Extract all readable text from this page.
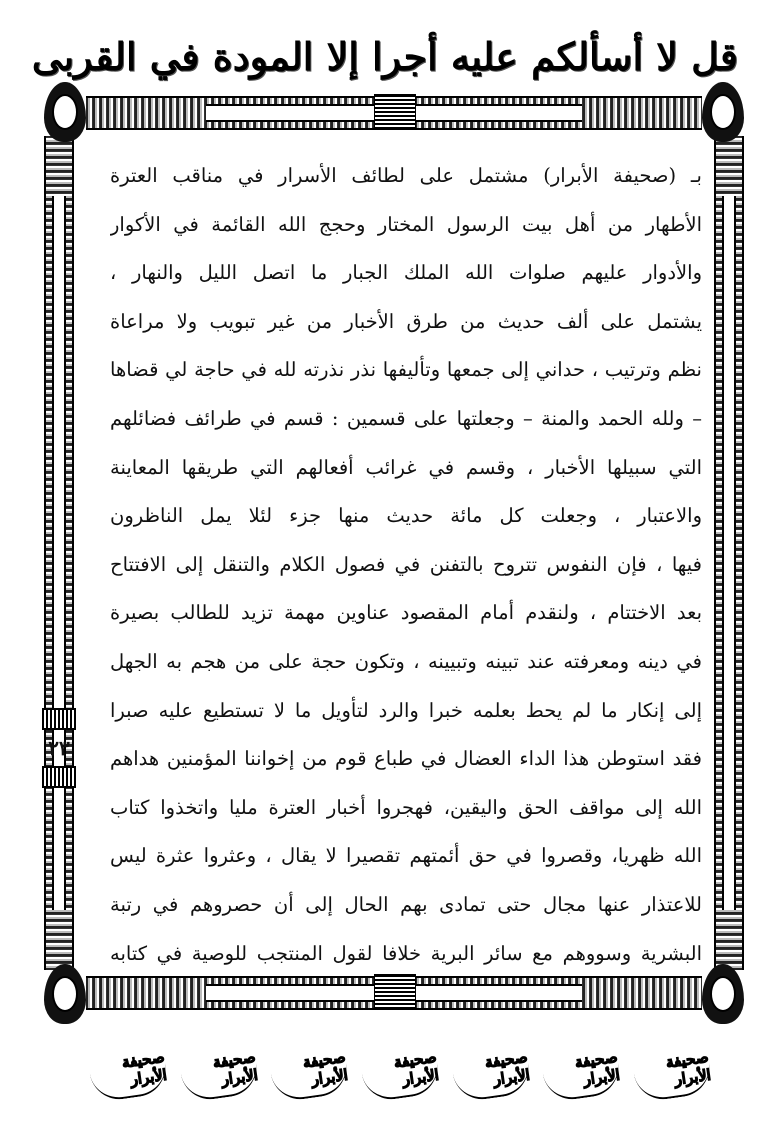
قل لا أسألكم عليه أجرا إلا المودة في القربى
٢٣
بـ (صحيفة الأبرار) مشتمل على لطائف الأسرار في مناقب العترة
الأطهار من أهل بيت الرسول المختار وحجج الله القائمة في الأكوار
والأدوار عليهم صلوات الله الملك الجبار ما اتصل الليل والنهار ،
يشتمل على ألف حديث من طرق الأخبار من غير تبويب ولا مراعاة
نظم وترتيب ، حداني إلى جمعها وتأليفها نذر نذرته لله في حاجة لي قضاها
– ولله الحمد والمنة – وجعلتها على قسمين : قسم في طرائف فضائلهم
التي سبيلها الأخبار ، وقسم في غرائب أفعالهم التي طريقها المعاينة
والاعتبار ، وجعلت كل مائة حديث منها جزء لئلا يمل الناظرون
فيها ، فإن النفوس تتروح بالتفنن في فصول الكلام والتنقل إلى الافتتاح
بعد الاختتام ، ولنقدم أمام المقصود عناوين مهمة تزيد للطالب بصيرة
في دينه ومعرفته عند تبينه وتبيينه ، وتكون حجة على من هجم به الجهل
إلى إنكار ما لم يحط بعلمه خبرا والرد لتأويل ما لا تستطيع عليه صبرا
فقد استوطن هذا الداء العضال في طباع قوم من إخواننا المؤمنين هداهم
الله إلى مواقف الحق واليقين، فهجروا أخبار العترة مليا واتخذوا كتاب
الله ظهريا، وقصروا في حق أئمتهم تقصيرا لا يقال ، وعثروا عثرة ليس
للاعتذار عنها مجال حتى تمادى بهم الحال إلى أن حصروهم في رتبة
البشرية وسووهم مع سائر البرية خلافا لقول المنتجب للوصية في كتابه
صحيفة الأبرار
صحيفة الأبرار
صحيفة الأبرار
صحيفة الأبرار
صحيفة الأبرار
صحيفة الأبرار
صحيفة الأبرار
